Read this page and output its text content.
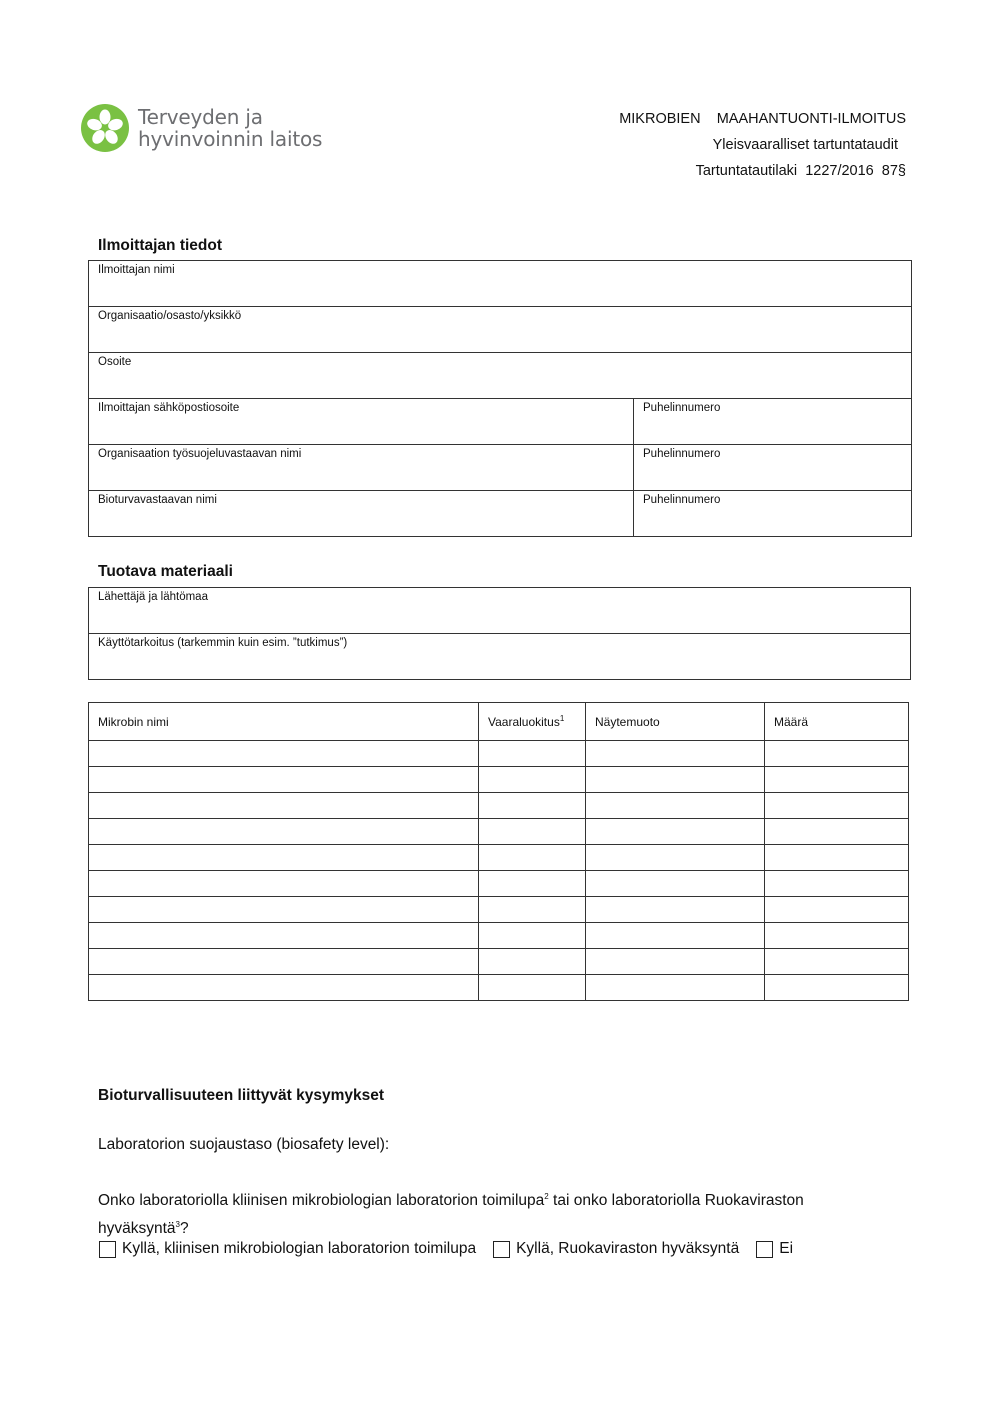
Terveyden ja
hyvinvoinnin laitos
MIKROBIEN    MAAHANTUONTI-ILMOITUS
Yleisvaaralliset tartuntataudit
Tartuntatautilaki  1227/2016  87§
Ilmoittajan tiedot
Ilmoittajan nimi	
Organisaatio/osasto/yksikkö	
Osoite	
Ilmoittajan sähköpostiosoite	Puhelinnumero
Organisaation työsuojeluvastaavan nimi	Puhelinnumero
Bioturvavastaavan nimi	Puhelinnumero
Tuotava materiaali
Lähettäjä ja lähtömaa
Käyttötarkoitus (tarkemmin kuin esim. ”tutkimus”)
Mikrobin nimi	Vaaraluokitus$^1$	Näytemuoto	Määrä

Bioturvallisuuteen liittyvät kysymykset
Laboratorion suojaustaso (biosafety level):
Onko laboratoriolla kliinisen mikrobiologian laboratorion toimilupa$^2$ tai onko laboratoriolla Ruokaviraston
hyväksyntä$^3$?
Kyllä, kliinisen mikrobiologian laboratorion toimilupa	Kyllä, Ruokaviraston hyväksyntä	Ei
